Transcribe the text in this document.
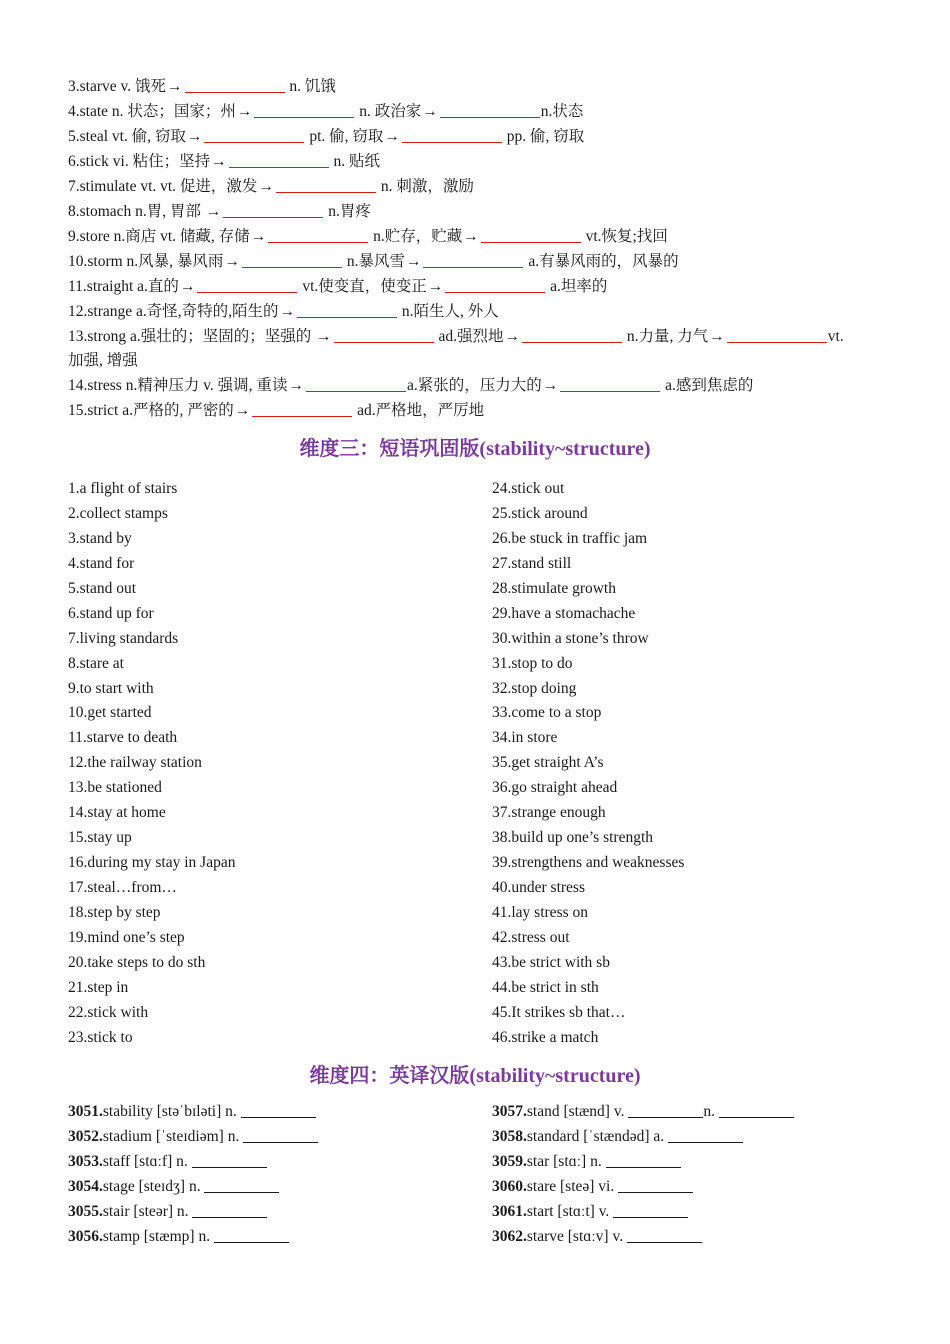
3.starve v. 饿死→	n. 饥饿
4.state n. 状态；国家；州→	n. 政治家→	n.状态
5.steal vt. 偷, 窃取→	pt. 偷, 窃取→	pp. 偷, 窃取
6.stick vi. 粘住；坚持→	n. 贴纸
7.stimulate vt. vt. 促进，激发→	n. 刺激，激励
8.stomach n.胃, 胃部 →	n.胃疼
9.store n.商店 vt. 储藏, 存储→	n.贮存，贮藏→	vt.恢复;找回
10.storm n.风暴, 暴风雨→	n.暴风雪→	a.有暴风雨的，风暴的
11.straight a.直的→	vt.使变直，使变正→	a.坦率的
12.strange a.奇怪,奇特的,陌生的→	n.陌生人, 外人
13.strong a.强壮的；坚固的；坚强的 →	ad.强烈地→	n.力量, 力气→	vt.
加强, 增强
14.stress n.精神压力 v. 强调, 重读→	a.紧张的，压力大的→	a.感到焦虑的
15.strict a.严格的, 严密的→	ad.严格地，严厉地
维度三：短语巩固版(stability~structure)
1.a flight of stairs
2.collect stamps
3.stand by
4.stand for
5.stand out
6.stand up for
7.living standards
8.stare at
9.to start with
10.get started
11.starve to death
12.the railway station
13.be stationed
14.stay at home
15.stay up
16.during my stay in Japan
17.steal…from…
18.step by step
19.mind one’s step
20.take steps to do sth
21.step in
22.stick with
23.stick to
24.stick out
25.stick around
26.be stuck in traffic jam
27.stand still
28.stimulate growth
29.have a stomachache
30.within a stone’s throw
31.stop to do
32.stop doing
33.come to a stop
34.in store
35.get straight A’s
36.go straight ahead
37.strange enough
38.build up one’s strength
39.strengthens and weaknesses
40.under stress
41.lay stress on
42.stress out
43.be strict with sb
44.be strict in sth
45.It strikes sb that…
46.strike a match
维度四：英译汉版(stability~structure)
3051.stability [stəˈbɪləti] n.
3052.stadium [ˈsteɪdiəm] n.
3053.staff [stɑːf] n.
3054.stage [steɪdʒ] n.
3055.stair [steər] n.
3056.stamp [stæmp] n.
3057.stand [stænd] v.	n.
3058.standard [ˈstændəd] a.
3059.star [stɑː] n.
3060.stare [steə] vi.
3061.start [stɑːt] v.
3062.starve [stɑːv] v.
